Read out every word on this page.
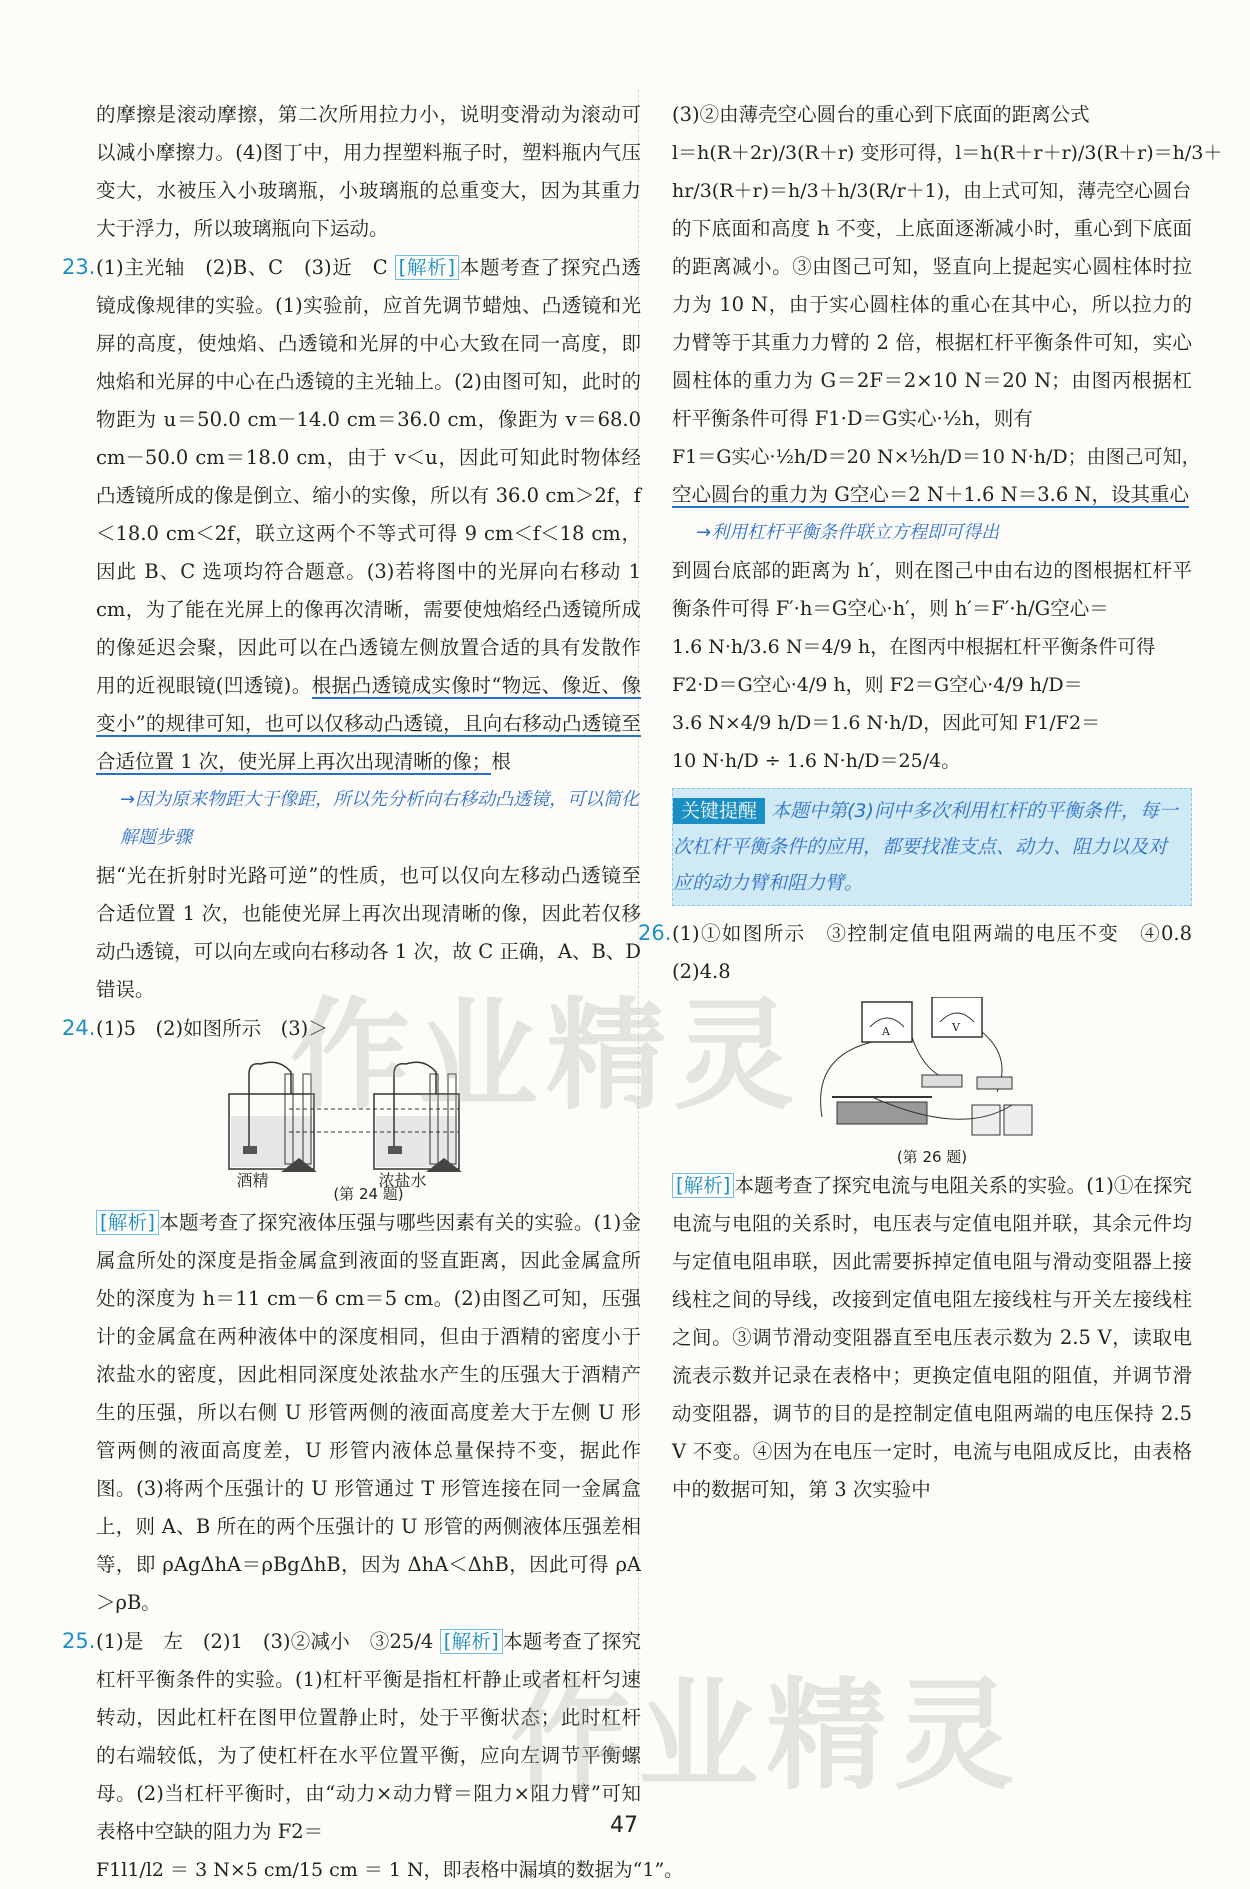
的摩擦是滚动摩擦，第二次所用拉力小，说明变滑动为滚动可以减小摩擦力。(4)图丁中，用力捏塑料瓶子时，塑料瓶内气压变大，水被压入小玻璃瓶，小玻璃瓶的总重变大，因为其重力大于浮力，所以玻璃瓶向下运动。

23.(1)主光轴　(2)B、C　(3)近　C [解析] 本题考查了探究凸透镜成像规律的实验。(1)实验前，应首先调节蜡烛、凸透镜和光屏的高度，使烛焰、凸透镜和光屏的中心大致在同一高度，即烛焰和光屏的中心在凸透镜的主光轴上。(2)由图可知，此时的物距为 u＝50.0 cm－14.0 cm＝36.0 cm，像距为 v＝68.0 cm－50.0 cm＝18.0 cm，由于 v＜u，因此可知此时物体经凸透镜所成的像是倒立、缩小的实像，所以有 36.0 cm＞2f，f＜18.0 cm＜2f，联立这两个不等式可得 9 cm＜f＜18 cm，因此 B、C 选项均符合题意。(3)若将图中的光屏向右移动 1 cm，为了能在光屏上的像再次清晰，需要使烛焰经凸透镜所成的像延迟会聚，因此可以在凸透镜左侧放置合适的具有发散作用的近视眼镜(凹透镜)。根据凸透镜成实像时“物远、像近、像变小”的规律可知，也可以仅移动凸透镜，且向右移动凸透镜至合适位置 1 次，使光屏上再次出现清晰的像；根

→因为原来物距大于像距，所以先分析向右移动凸透镜，可以简化解题步骤

据“光在折射时光路可逆”的性质，也可以仅向左移动凸透镜至合适位置 1 次，也能使光屏上再次出现清晰的像，因此若仅移动凸透镜，可以向左或向右移动各 1 次，故 C 正确，A、B、D 错误。

24.(1)5　(2)如图所示　(3)＞

酒精	浓盐水
(第 24 题)

[解析] 本题考查了探究液体压强与哪些因素有关的实验。(1)金属盒所处的深度是指金属盒到液面的竖直距离，因此金属盒所处的深度为 h＝11 cm－6 cm＝5 cm。(2)由图乙可知，压强计的金属盒在两种液体中的深度相同，但由于酒精的密度小于浓盐水的密度，因此相同深度处浓盐水产生的压强大于酒精产生的压强，所以右侧 U 形管两侧的液面高度差大于左侧 U 形管两侧的液面高度差，U 形管内液体总量保持不变，据此作图。(3)将两个压强计的 U 形管通过 T 形管连接在同一金属盒上，则 A、B 所在的两个压强计的 U 形管的两侧液体压强差相等，即 ρAgΔhA＝ρBgΔhB，因为 ΔhA＜ΔhB，因此可得 ρA＞ρB。

25.(1)是　左　(2)1　(3)②减小　③25/4 [解析] 本题考查了探究杠杆平衡条件的实验。(1)杠杆平衡是指杠杆静止或者杠杆匀速转动，因此杠杆在图甲位置静止时，处于平衡状态；此时杠杆的右端较低，为了使杠杆在水平位置平衡，应向左调节平衡螺母。(2)当杠杆平衡时，由“动力×动力臂＝阻力×阻力臂”可知表格中空缺的阻力为 F2＝

F1l1/l2 ＝ 3 N×5 cm/15 cm ＝ 1 N，即表格中漏填的数据为“1”。

(3)②由薄壳空心圆台的重心到下底面的距离公式

l＝h(R＋2r)/3(R＋r) 变形可得，l＝h(R＋r＋r)/3(R＋r)＝h/3＋

hr/3(R＋r)＝h/3＋h/3(R/r＋1)，由上式可知，薄壳空心圆台

的下底面和高度 h 不变，上底面逐渐减小时，重心到下底面的距离减小。③由图己可知，竖直向上提起实心圆柱体时拉力为 10 N，由于实心圆柱体的重心在其中心，所以拉力的力臂等于其重力力臂的 2 倍，根据杠杆平衡条件可知，实心圆柱体的重力为 G＝2F＝2×10 N＝20 N；由图丙根据杠杆平衡条件可得 F1·D＝G实心·½h，则有

F1＝G实心·½h/D＝20 N×½h/D＝10 N·h/D；由图己可知，

空心圆台的重力为 G空心＝2 N＋1.6 N＝3.6 N，设其重心

→利用杠杆平衡条件联立方程即可得出

到圆台底部的距离为 h′，则在图己中由右边的图根据杠杆平衡条件可得 F′·h＝G空心·h′，则 h′＝F′·h/G空心＝

1.6 N·h/3.6 N＝4/9 h，在图丙中根据杠杆平衡条件可得

F2·D＝G空心·4/9 h，则 F2＝G空心·4/9 h/D＝

3.6 N×4/9 h/D＝1.6 N·h/D，因此可知 F1/F2＝

10 N·h/D ÷ 1.6 N·h/D＝25/4。

关键提醒 本题中第(3)问中多次利用杠杆的平衡条件，每一次杠杆平衡条件的应用，都要找准支点、动力、阻力以及对应的动力臂和阻力臂。

26.(1)①如图所示　③控制定值电阻两端的电压不变　④0.8　(2)4.8

A	V
(第 26 题)

[解析] 本题考查了探究电流与电阻关系的实验。(1)①在探究电流与电阻的关系时，电压表与定值电阻并联，其余元件均与定值电阻串联，因此需要拆掉定值电阻与滑动变阻器上接线柱之间的导线，改接到定值电阻左接线柱与开关左接线柱之间。③调节滑动变阻器直至电压表示数为 2.5 V，读取电流表示数并记录在表格中；更换定值电阻的阻值，并调节滑动变阻器，调节的目的是控制定值电阻两端的电压保持 2.5 V 不变。④因为在电压一定时，电流与电阻成反比，由表格中的数据可知，第 3 次实验中

作业精灵
作业精灵
47
